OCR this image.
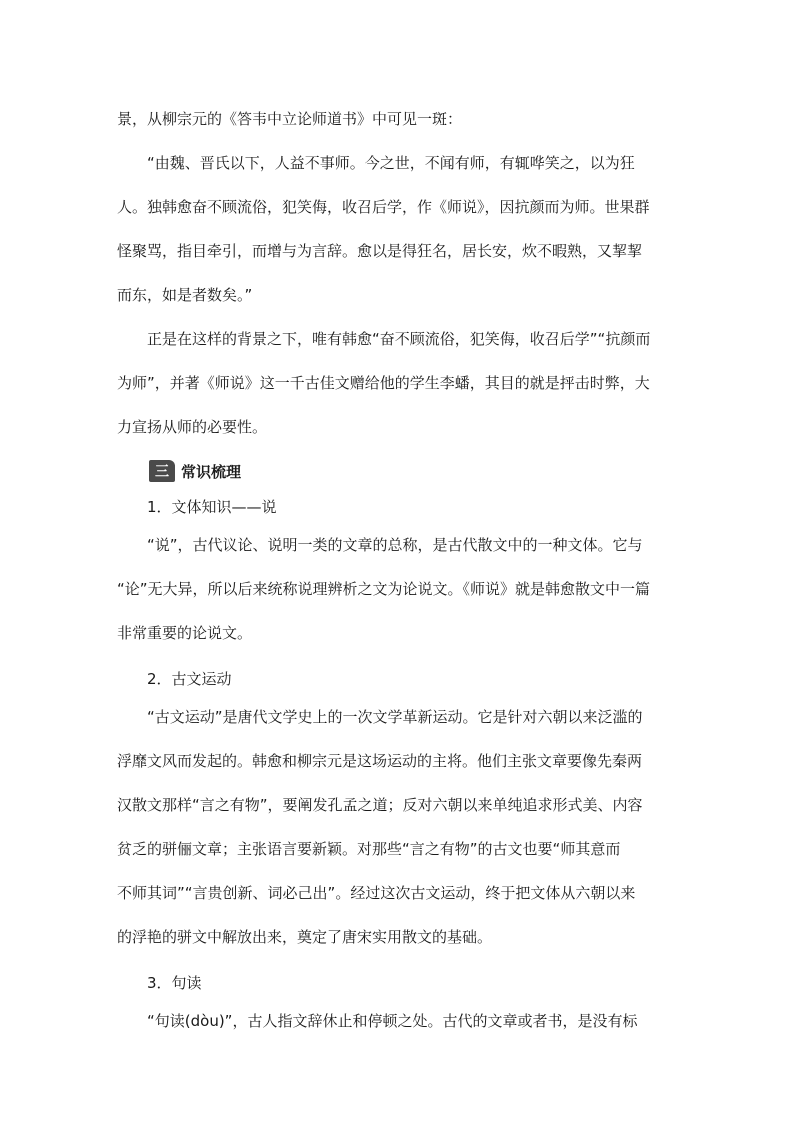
景，从柳宗元的《答韦中立论师道书》中可见一斑：

“由魏、晋氏以下，人益不事师。今之世，不闻有师，有辄哗笑之，以为狂

人。独韩愈奋不顾流俗，犯笑侮，收召后学，作《师说》，因抗颜而为师。世果群

怪聚骂，指目牵引，而增与为言辞。愈以是得狂名，居长安，炊不暇熟，又挈挈

而东，如是者数矣。”

正是在这样的背景之下，唯有韩愈“奋不顾流俗，犯笑侮，收召后学”“抗颜而

为师”，并著《师说》这一千古佳文赠给他的学生李蟠，其目的就是抨击时弊，大

力宣扬从师的必要性。

三 常识梳理

1．文体知识——说

“说”，古代议论、说明一类的文章的总称，是古代散文中的一种文体。它与

“论”无大异，所以后来统称说理辨析之文为论说文。《师说》就是韩愈散文中一篇

非常重要的论说文。

2．古文运动

“古文运动”是唐代文学史上的一次文学革新运动。它是针对六朝以来泛滥的

浮靡文风而发起的。韩愈和柳宗元是这场运动的主将。他们主张文章要像先秦两

汉散文那样“言之有物”，要阐发孔孟之道；反对六朝以来单纯追求形式美、内容

贫乏的骈俪文章；主张语言要新颖。对那些“言之有物”的古文也要“师其意而

不师其词”“言贵创新、词必己出”。经过这次古文运动，终于把文体从六朝以来

的浮艳的骈文中解放出来，奠定了唐宋实用散文的基础。

3．句读

“句读(dòu)”，古人指文辞休止和停顿之处。古代的文章或者书，是没有标
